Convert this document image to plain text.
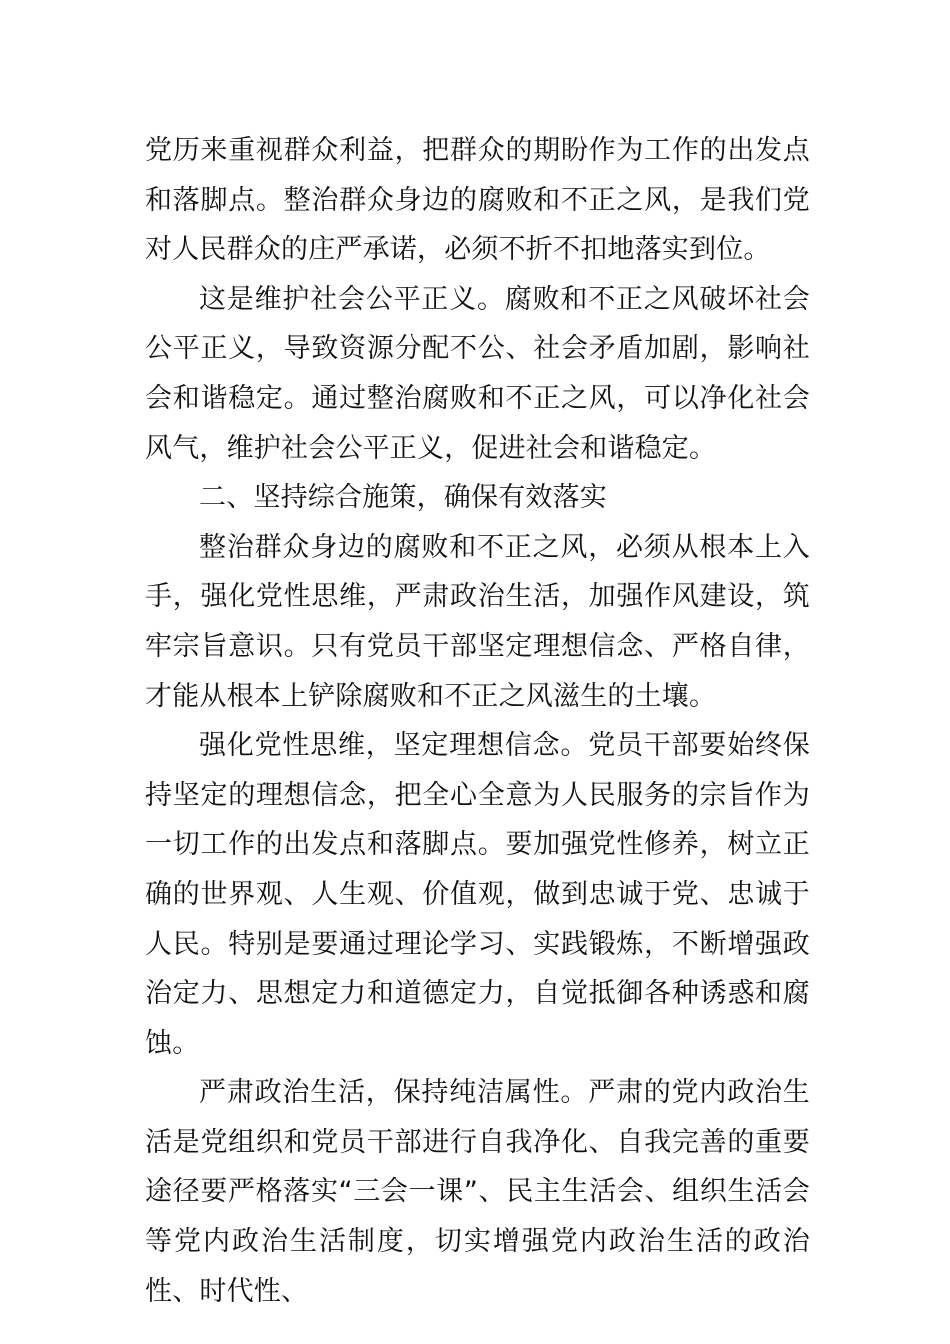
党历来重视群众利益，把群众的期盼作为工作的出发点和落脚点。整治群众身边的腐败和不正之风，是我们党对人民群众的庄严承诺，必须不折不扣地落实到位。

这是维护社会公平正义。腐败和不正之风破坏社会公平正义，导致资源分配不公、社会矛盾加剧，影响社会和谐稳定。通过整治腐败和不正之风，可以净化社会风气，维护社会公平正义，促进社会和谐稳定。

二、坚持综合施策，确保有效落实

整治群众身边的腐败和不正之风，必须从根本上入手，强化党性思维，严肃政治生活，加强作风建设，筑牢宗旨意识。只有党员干部坚定理想信念、严格自律，才能从根本上铲除腐败和不正之风滋生的土壤。

强化党性思维，坚定理想信念。党员干部要始终保持坚定的理想信念，把全心全意为人民服务的宗旨作为一切工作的出发点和落脚点。要加强党性修养，树立正确的世界观、人生观、价值观，做到忠诚于党、忠诚于人民。特别是要通过理论学习、实践锻炼，不断增强政治定力、思想定力和道德定力，自觉抵御各种诱惑和腐蚀。

严肃政治生活，保持纯洁属性。严肃的党内政治生活是党组织和党员干部进行自我净化、自我完善的重要途径要严格落实“三会一课”、民主生活会、组织生活会等党内政治生活制度，切实增强党内政治生活的政治性、时代性、
